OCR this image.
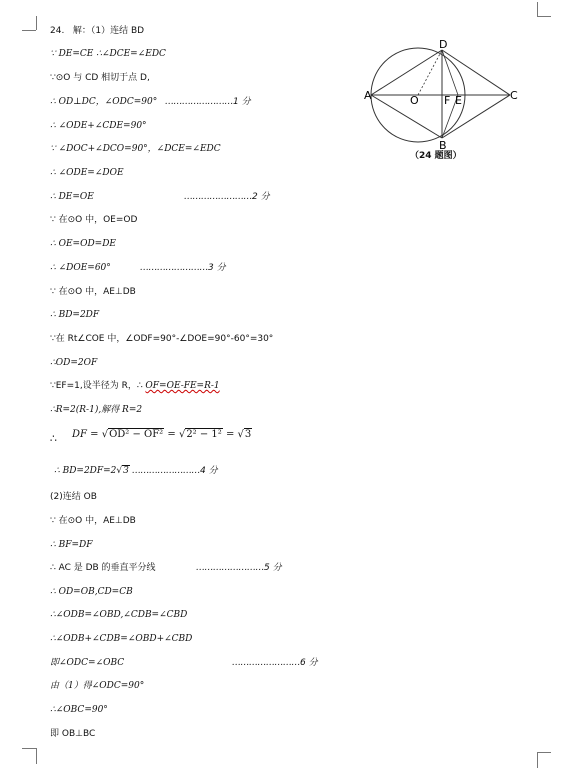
24. 解：（1）连结 BD
∵ DE=CE ∴∠DCE=∠EDC
∵⊙O 与 CD 相切于点 D,
∴ OD⊥DC，∠ODC=90°
∴ ∠ODE+∠CDE=90°
∵ ∠DOC+∠DCO=90°，∠DCE=∠EDC
∴ ∠ODE=∠DOE
∴ DE=OE
∵ 在⊙O 中，OE=OD
∴ OE=OD=DE
∴ ∠DOE=60°
∵ 在⊙O 中，AE⊥DB
∴ BD=2DF
∵在 Rt∠COE 中，∠ODF=90°-∠DOE=90°-60°=30°
∴OD=2OF
∵EF=1,设半径为 R，∴ OF=OE-FE=R-1
∴R=2(R-1),解得 R=2
∴ DF = √OD² − OF² = √2² − 1² = √3
∴ BD=2DF=2√3
(2)连结 OB
∵ 在⊙O 中，AE⊥DB
∴ BF=DF
∴ AC 是 DB 的垂直平分线
∴ OD=OB,CD=CB
∴∠ODB=∠OBD,∠CDB=∠CBD
∴∠ODB+∠CDB=∠OBD+∠CBD
即∠ODC=∠OBC
由（1）得∠ODC=90°
∴∠OBC=90°
即 OB⊥BC
……………………1 分
……………………2 分
……………………3 分
……………………4 分
……………………5 分
……………………6 分
A
D
C
B
O F E
（24 题图）
